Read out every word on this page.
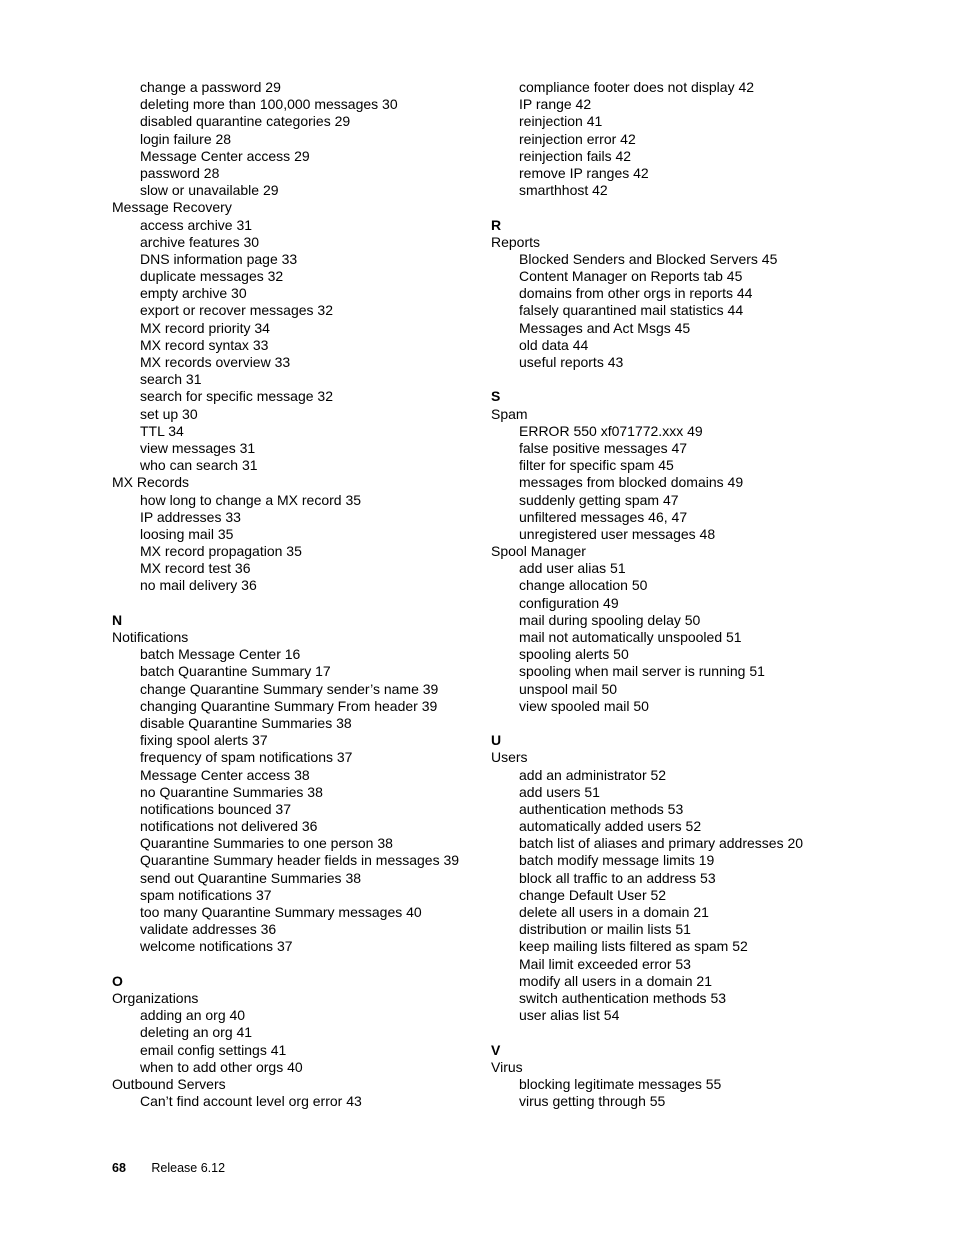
change a password 29
deleting more than 100,000 messages 30
disabled quarantine categories 29
login failure 28
Message Center access 29
password 28
slow or unavailable 29
Message Recovery
access archive 31
archive features 30
DNS information page 33
duplicate messages 32
empty archive 30
export or recover messages 32
MX record priority 34
MX record syntax 33
MX records overview 33
search 31
search for specific message 32
set up 30
TTL 34
view messages 31
who can search 31
MX Records
how long to change a MX record 35
IP addresses 33
loosing mail 35
MX record propagation 35
MX record test 36
no mail delivery 36
N
Notifications
batch Message Center 16
batch Quarantine Summary 17
change Quarantine Summary sender’s name 39
changing Quarantine Summary From header 39
disable Quarantine Summaries 38
fixing spool alerts 37
frequency of spam notifications 37
Message Center access 38
no Quarantine Summaries 38
notifications bounced 37
notifications not delivered 36
Quarantine Summaries to one person 38
Quarantine Summary header fields in messages 39
send out Quarantine Summaries 38
spam notifications 37
too many Quarantine Summary messages 40
validate addresses 36
welcome notifications 37
O
Organizations
adding an org 40
deleting an org 41
email config settings 41
when to add other orgs 40
Outbound Servers
Can’t find account level org error 43
compliance footer does not display 42
IP range 42
reinjection 41
reinjection error 42
reinjection fails 42
remove IP ranges 42
smarthhost 42
R
Reports
Blocked Senders and Blocked Servers 45
Content Manager on Reports tab 45
domains from other orgs in reports 44
falsely quarantined mail statistics 44
Messages and Act Msgs 45
old data 44
useful reports 43
S
Spam
ERROR 550 xf071772.xxx 49
false positive messages 47
filter for specific spam 45
messages from blocked domains 49
suddenly getting spam 47
unfiltered messages 46, 47
unregistered user messages 48
Spool Manager
add user alias 51
change allocation 50
configuration 49
mail during spooling delay 50
mail not automatically unspooled 51
spooling alerts 50
spooling when mail server is running 51
unspool mail 50
view spooled mail 50
U
Users
add an administrator 52
add users 51
authentication methods 53
automatically added users 52
batch list of aliases and primary addresses 20
batch modify message limits 19
block all traffic to an address 53
change Default User 52
delete all users in a domain 21
distribution or mailin lists 51
keep mailing lists filtered as spam 52
Mail limit exceeded error 53
modify all users in a domain 21
switch authentication methods 53
user alias list 54
V
Virus
blocking legitimate messages 55
virus getting through 55
68 Release 6.12
